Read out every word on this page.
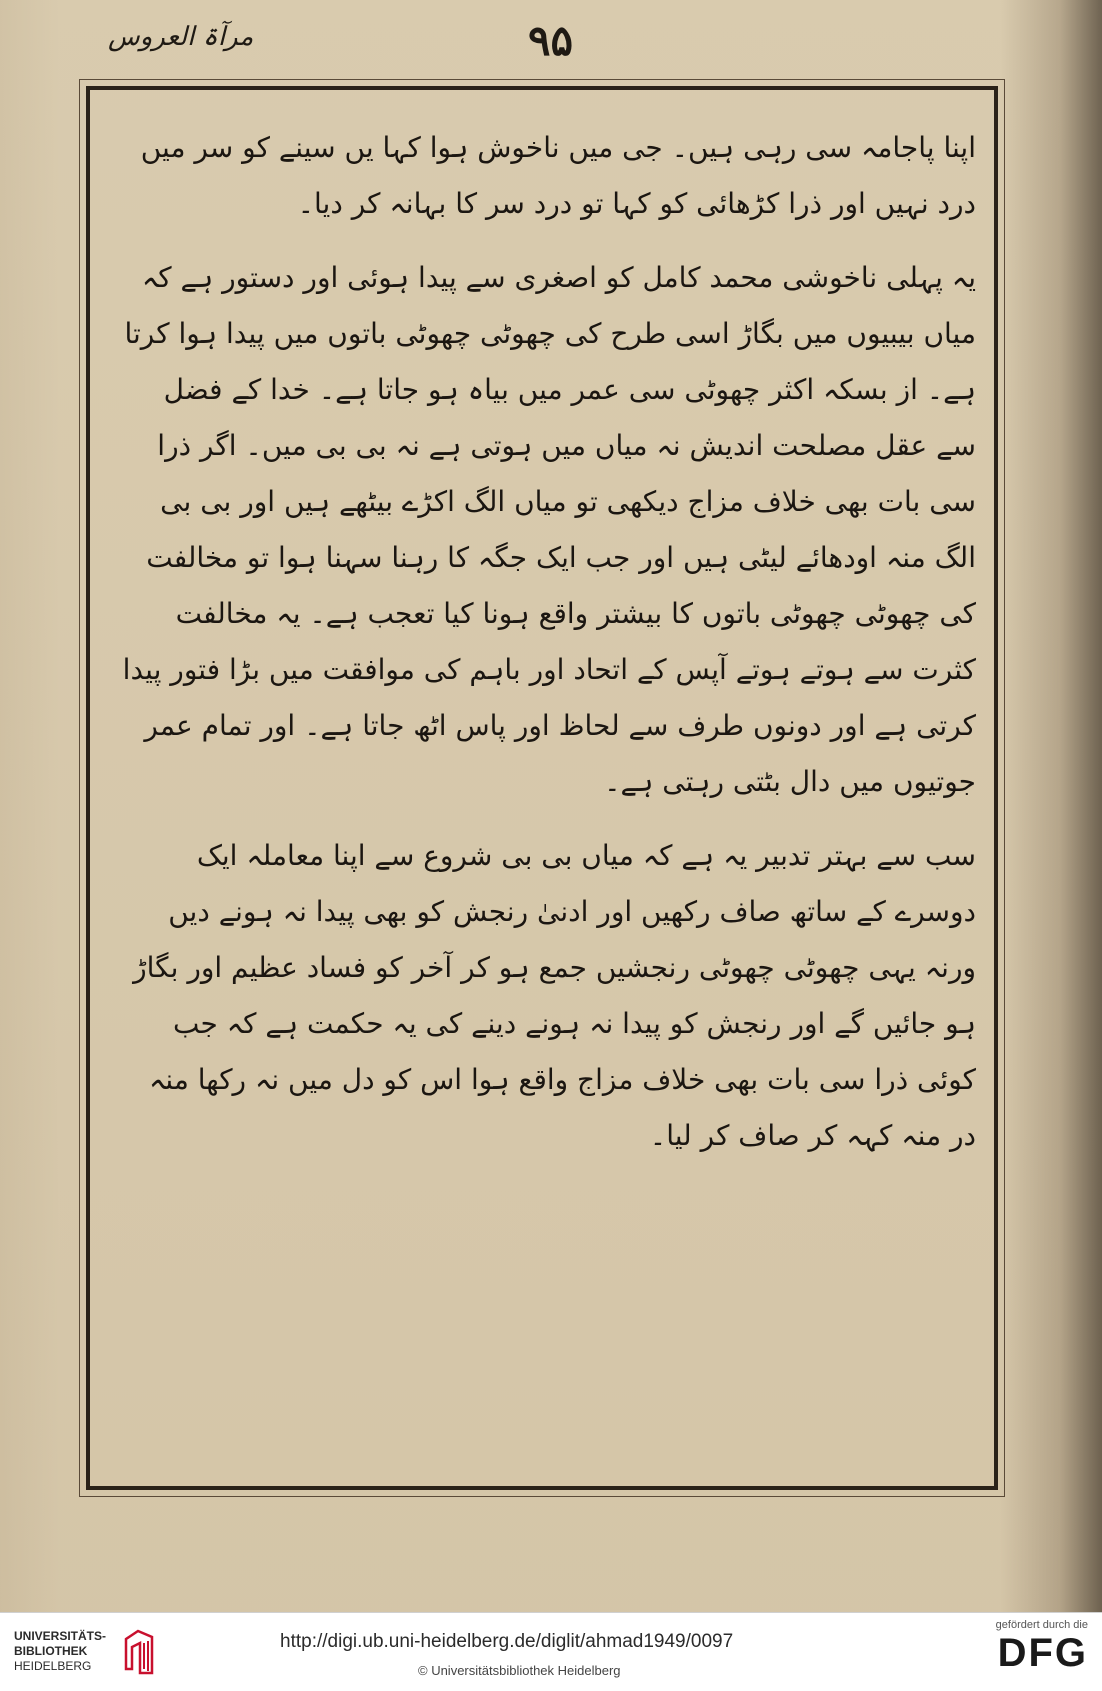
مرآۃ العروس	۹۵

اپنا پاجامہ سی رہی ہیں۔ جی میں ناخوش ہوا کہا یں سینے کو سر میں درد نہیں اور ذرا کڑھائی کو کہا تو درد سر کا بہانہ کر دیا۔

یہ پہلی ناخوشی محمد کامل کو اصغری سے پیدا ہوئی اور دستور ہے کہ میاں بیبیوں میں بگاڑ اسی طرح کی چھوٹی چھوٹی باتوں میں پیدا ہوا کرتا ہے۔ از بسکہ اکثر چھوٹی سی عمر میں بیاہ ہو جاتا ہے۔ خدا کے فضل سے عقل مصلحت اندیش نہ میاں میں ہوتی ہے نہ بی بی میں۔ اگر ذرا سی بات بھی خلاف مزاج دیکھی تو میاں الگ اکڑے بیٹھے ہیں اور بی بی الگ منہ اودھائے لیٹی ہیں اور جب ایک جگہ کا رہنا سہنا ہوا تو مخالفت کی چھوٹی چھوٹی باتوں کا بیشتر واقع ہونا کیا تعجب ہے۔ یہ مخالفت کثرت سے ہوتے ہوتے آپس کے اتحاد اور باہم کی موافقت میں بڑا فتور پیدا کرتی ہے اور دونوں طرف سے لحاظ اور پاس اٹھ جاتا ہے۔ اور تمام عمر جوتیوں میں دال بٹتی رہتی ہے۔

سب سے بہتر تدبیر یہ ہے کہ میاں بی بی شروع سے اپنا معاملہ ایک دوسرے کے ساتھ صاف رکھیں اور ادنیٰ رنجش کو بھی پیدا نہ ہونے دیں ورنہ یہی چھوٹی چھوٹی رنجشیں جمع ہو کر آخر کو فساد عظیم اور بگاڑ ہو جائیں گے اور رنجش کو پیدا نہ ہونے دینے کی یہ حکمت ہے کہ جب کوئی ذرا سی بات بھی خلاف مزاج واقع ہوا اس کو دل میں نہ رکھا منہ در منہ کہہ کر صاف کر لیا۔

UNIVERSITÄTS-
BIBLIOTHEK
HEIDELBERG
http://digi.ub.uni-heidelberg.de/diglit/ahmad1949/0097
© Universitätsbibliothek Heidelberg
gefördert durch die
DFG
